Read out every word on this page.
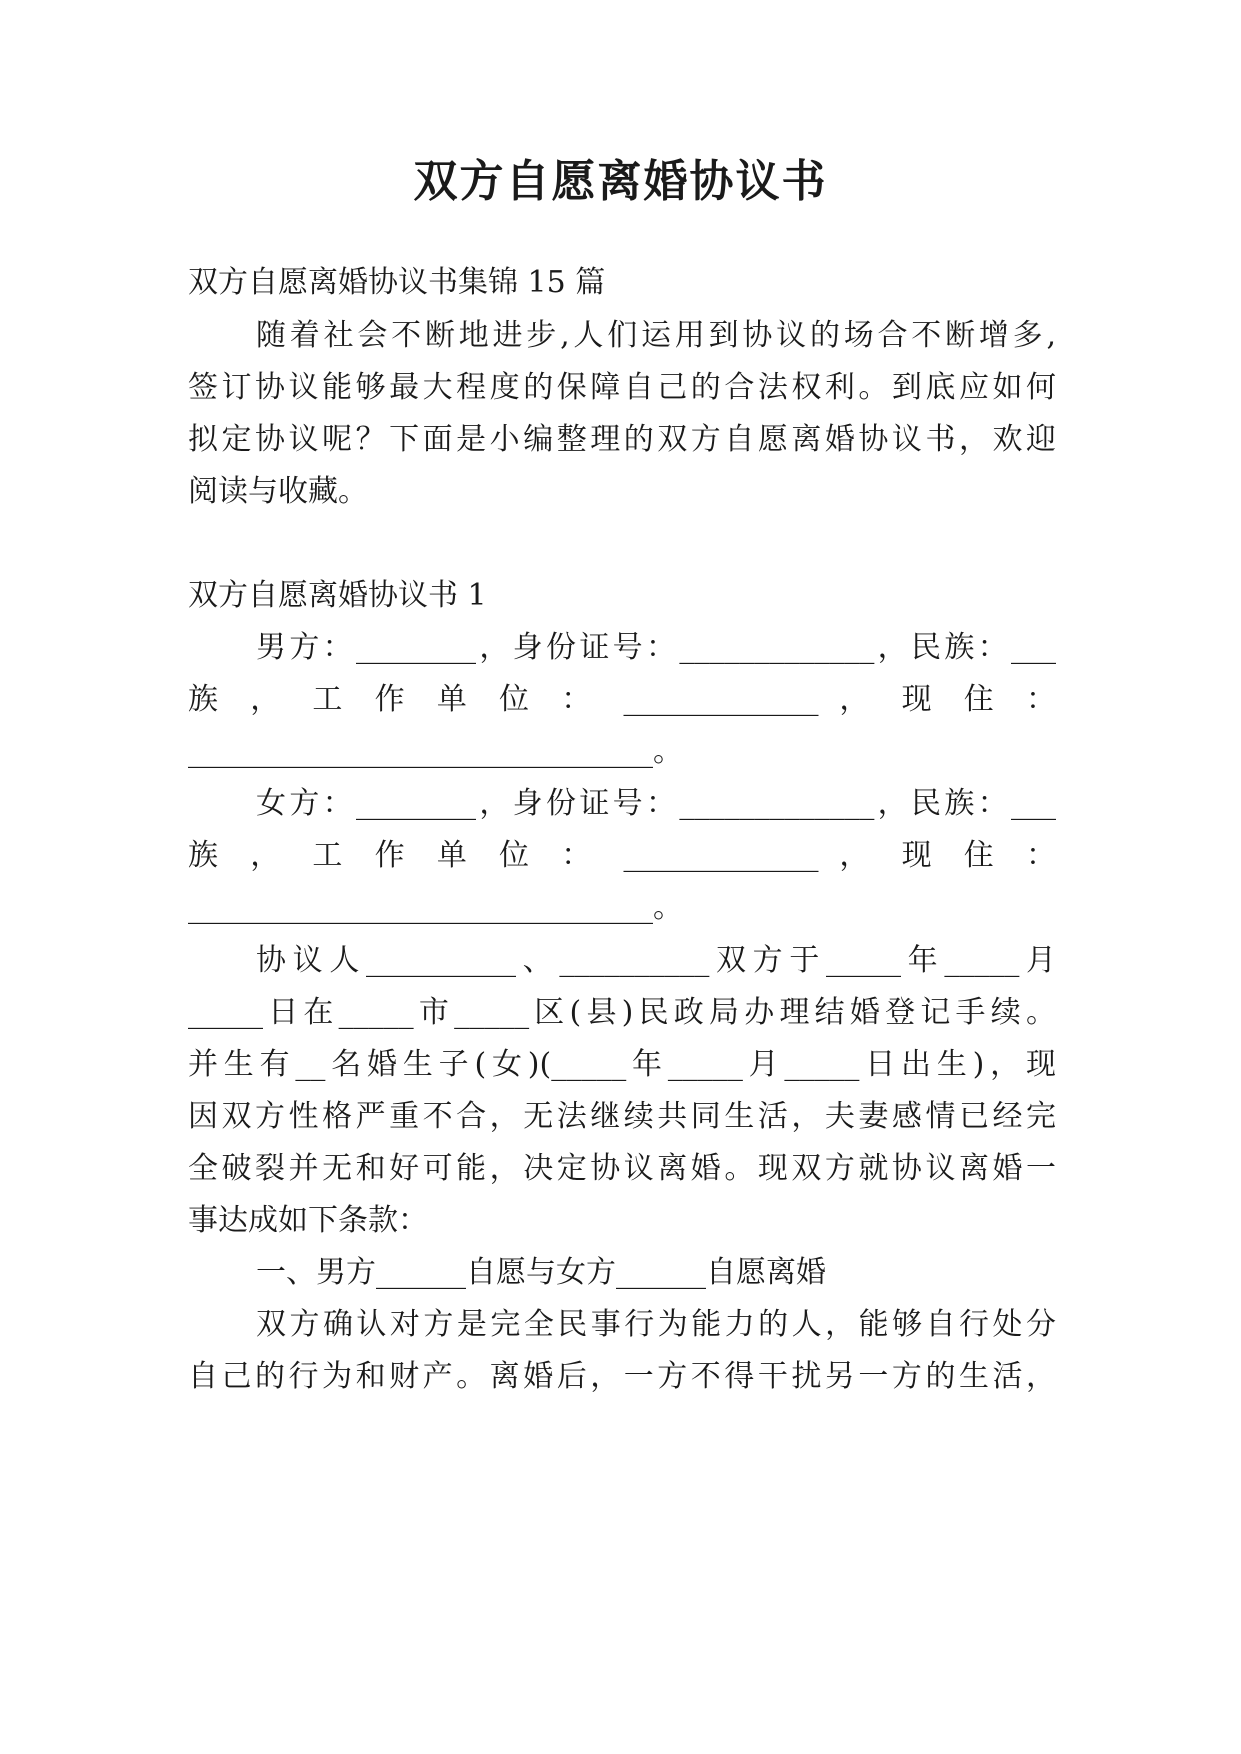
双方自愿离婚协议书
双方自愿离婚协议书集锦 15 篇
随着社会不断地进步,人们运用到协议的场合不断增多,
签订协议能够最大程度的保障自己的合法权利。到底应如何
拟定协议呢？下面是小编整理的双方自愿离婚协议书，欢迎
阅读与收藏。
双方自愿离婚协议书 1
男方：________，身份证号：_____________，民族：___
族 ， 工 作 单 位 ： _____________ ， 现 住 ：
_______________________________。
女方：________，身份证号：_____________，民族：___
族 ， 工 作 单 位 ： _____________ ， 现 住 ：
_______________________________。
协议人__________、__________双方于_____年_____月
_____日在_____市_____区(县)民政局办理结婚登记手续。
并生有__名婚生子(女)(_____年_____月_____日出生)，现
因双方性格严重不合，无法继续共同生活，夫妻感情已经完
全破裂并无和好可能，决定协议离婚。现双方就协议离婚一
事达成如下条款：
一、男方______自愿与女方______自愿离婚
双方确认对方是完全民事行为能力的人，能够自行处分
自己的行为和财产。离婚后，一方不得干扰另一方的生活，
